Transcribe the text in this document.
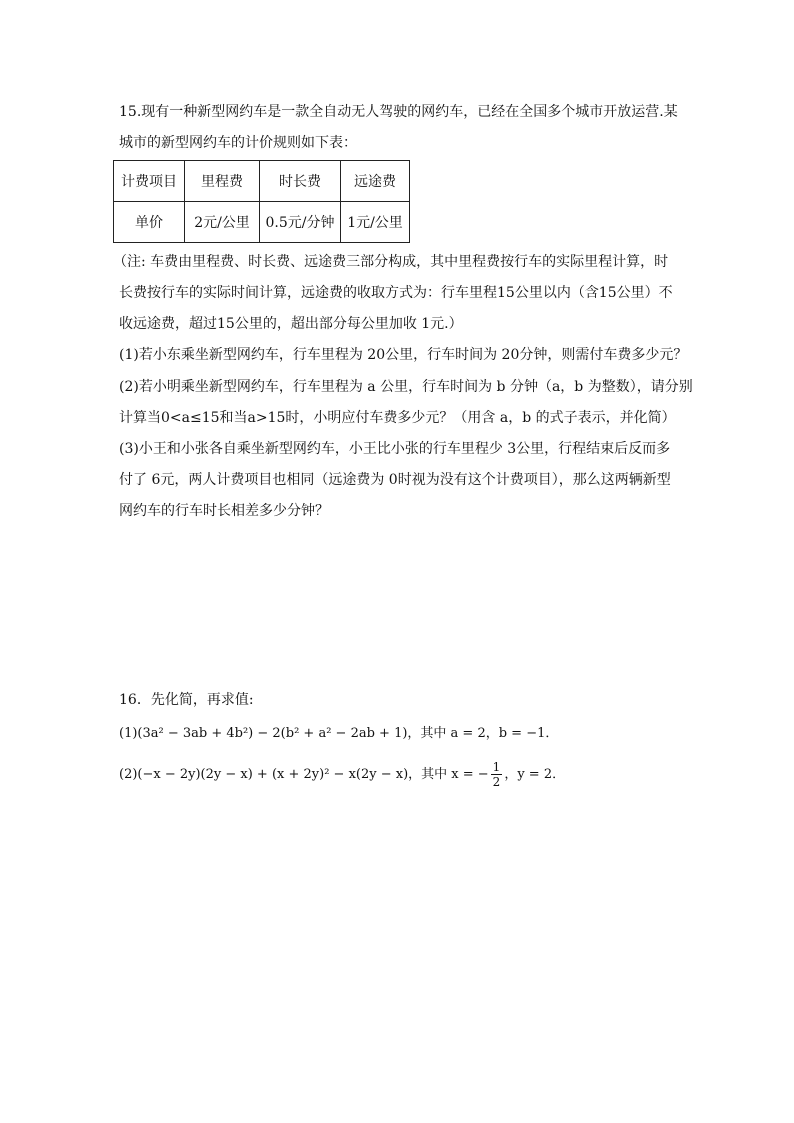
15.现有一种新型网约车是一款全自动无人驾驶的网约车，已经在全国多个城市开放运营.某
城市的新型网约车的计价规则如下表：
计费项目	里程费	时长费	远途费
单价	2元/公里	0.5元/分钟	1元/公里
（注: 车费由里程费、时长费、远途费三部分构成，其中里程费按行车的实际里程计算，时
长费按行车的实际时间计算，远途费的收取方式为：行车里程15公里以内（含15公里）不
收远途费，超过15公里的，超出部分每公里加收 1元.）
(1)若小东乘坐新型网约车，行车里程为 20公里，行车时间为 20分钟，则需付车费多少元？
(2)若小明乘坐新型网约车，行车里程为 a 公里，行车时间为 b 分钟（a，b 为整数），请分别
计算当0<a≤15和当a>15时，小明应付车费多少元？（用含 a，b 的式子表示，并化简）
(3)小王和小张各自乘坐新型网约车，小王比小张的行车里程少 3公里，行程结束后反而多
付了 6元，两人计费项目也相同（远途费为 0时视为没有这个计费项目），那么这两辆新型
网约车的行车时长相差多少分钟？
16．先化简，再求值:
(1)(3a² − 3ab + 4b²) − 2(b² + a² − 2ab + 1)，其中 a = 2，b = −1．
(2)(−x − 2y)(2y − x) + (x + 2y)² − x(2y − x)，其中 x = − $\frac{1}{2}$ ，y = 2．
